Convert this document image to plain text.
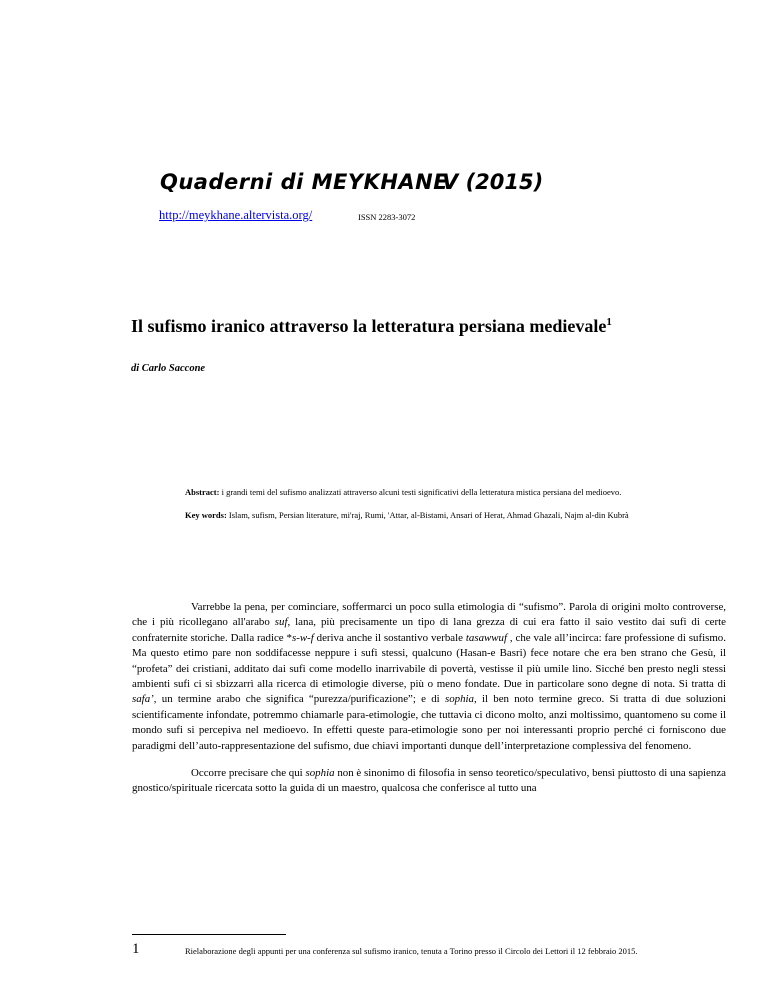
Quaderni di MEYKHANE
V (2015)
http://meykhane.altervista.org/	ISSN 2283-3072
Il sufismo iranico attraverso la letteratura persiana medievale$^1$
di Carlo Saccone
Abstract: i grandi temi del sufismo analizzati attraverso alcuni testi significativi della letteratura mistica persiana del medioevo.
Key words: Islam, sufism, Persian literature, mi'raj, Rumi, 'Attar, al-Bistami, Ansari of Herat, Ahmad Ghazali, Najm al-din Kubrà

Varrebbe la pena, per cominciare, soffermarci un poco sulla etimologia di “sufismo”. Parola di origini molto controverse, che i più ricollegano all'arabo suf, lana, più precisamente un tipo di lana grezza di cui era fatto il saio vestito dai sufi di certe confraternite storiche. Dalla radice *s-w-f deriva anche il sostantivo verbale tasawwuf , che vale all’incirca: fare professione di sufismo. Ma questo etimo pare non soddifacesse neppure i sufi stessi, qualcuno (Hasan-e Basri) fece notare che era ben strano che Gesù, il “profeta” dei cristiani, additato dai sufi come modello inarrivabile di povertà, vestisse il più umile lino. Sicché ben presto negli stessi ambienti sufi ci si sbizzarrì alla ricerca di etimologie diverse, più o meno fondate. Due in particolare sono degne di nota. Si tratta di safa’, un termine arabo che significa “purezza/purificazione”; e di sophia, il ben noto termine greco. Si tratta di due soluzioni scientificamente infondate, potremmo chiamarle para-etimologie, che tuttavia ci dicono molto, anzi moltissimo, quantomeno su come il mondo sufi si percepiva nel medioevo. In effetti queste para-etimologie sono per noi interessanti proprio perché ci forniscono due paradigmi dell’auto-rappresentazione del sufismo, due chiavi importanti dunque dell’interpretazione complessiva del fenomeno.

Occorre precisare che qui sophia non è sinonimo di filosofia in senso teoretico/speculativo, bensì piuttosto di una sapienza gnostico/spirituale ricercata sotto la guida di un maestro, qualcosa che conferisce al tutto una

1	Rielaborazione degli appunti per una conferenza sul sufismo iranico, tenuta a Torino presso il Circolo dei Lettori il 12 febbraio 2015.
